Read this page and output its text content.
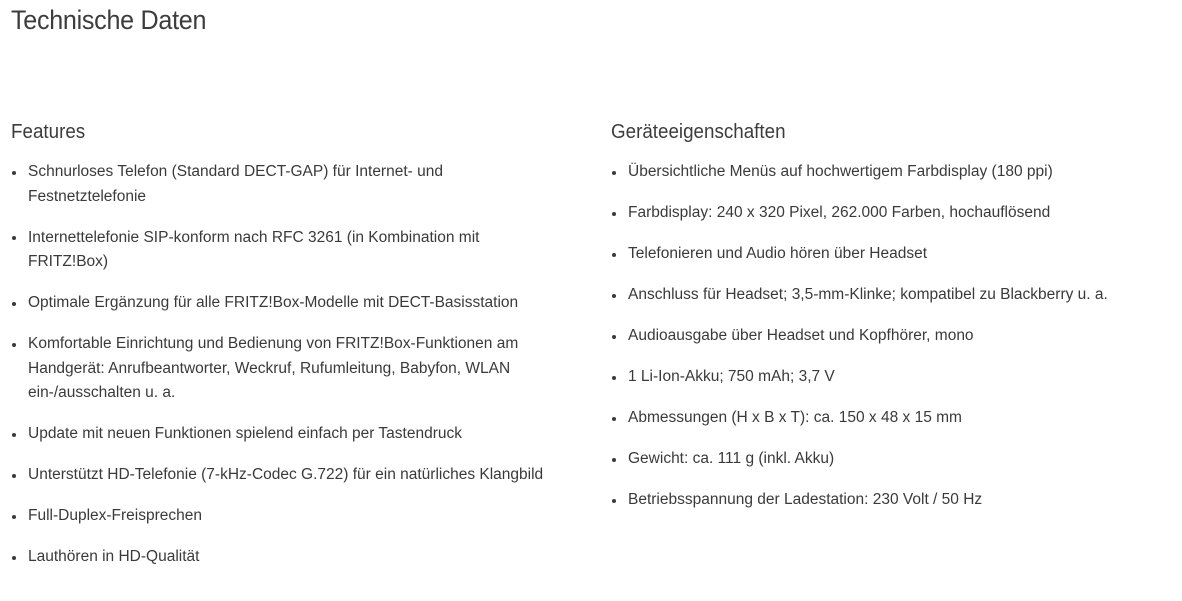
Technische Daten
Features
Schnurloses Telefon (Standard DECT-GAP) für Internet- und Festnetztelefonie
Internettelefonie SIP-konform nach RFC 3261 (in Kombination mit FRITZ!Box)
Optimale Ergänzung für alle FRITZ!Box-Modelle mit DECT-Basisstation
Komfortable Einrichtung und Bedienung von FRITZ!Box-Funktionen am Handgerät: Anrufbeantworter, Weckruf, Rufumleitung, Babyfon, WLAN ein-/ausschalten u. a.
Update mit neuen Funktionen spielend einfach per Tastendruck
Unterstützt HD-Telefonie (7-kHz-Codec G.722) für ein natürliches Klangbild
Full-Duplex-Freisprechen
Lauthören in HD-Qualität
Geräteeigenschaften
Übersichtliche Menüs auf hochwertigem Farbdisplay (180 ppi)
Farbdisplay: 240 x 320 Pixel, 262.000 Farben, hochauflösend
Telefonieren und Audio hören über Headset
Anschluss für Headset; 3,5-mm-Klinke; kompatibel zu Blackberry u. a.
Audioausgabe über Headset und Kopfhörer, mono
1 Li-Ion-Akku; 750 mAh; 3,7 V
Abmessungen (H x B x T): ca. 150 x 48 x 15 mm
Gewicht: ca. 111 g (inkl. Akku)
Betriebsspannung der Ladestation: 230 Volt / 50 Hz
